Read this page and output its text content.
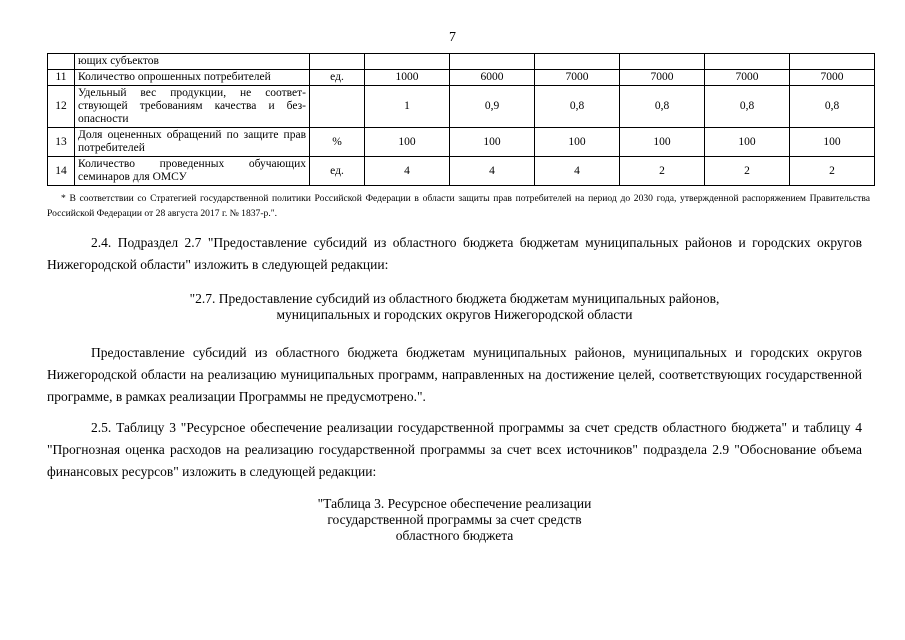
7
	ющих субъектов							
11	Количество опрошенных потребителей	ед.	1000	6000	7000	7000	7000	7000
12	Удельный вес продукции, не соответ-ствующей требованиям качества и без-опасности		1	0,9	0,8	0,8	0,8	0,8
13	Доля оцененных обращений по защите прав потребителей	%	100	100	100	100	100	100
14	Количество проведенных обучающих семинаров для ОМСУ	ед.	4	4	4	2	2	2
* В соответствии со Стратегией государственной политики Российской Федерации в области защиты прав потребителей на период до 2030 года, утвержденной распоряжением Правительства Российской Федерации от 28 августа 2017 г. № 1837-р.".
2.4. Подраздел 2.7 "Предоставление субсидий из областного бюджета бюджетам муниципальных районов и городских округов Нижегородской области" изложить в следующей редакции:
"2.7. Предоставление субсидий из областного бюджета бюджетам муниципальных районов,
муниципальных и городских округов Нижегородской области
Предоставление субсидий из областного бюджета бюджетам муниципальных районов, муниципальных и городских округов Нижегородской области на реализацию муниципальных программ, направленных на достижение целей, соответствующих государственной программе, в рамках реализации Программы не предусмотрено.".
2.5. Таблицу 3 "Ресурсное обеспечение реализации государственной программы за счет средств областного бюджета" и таблицу 4 "Прогнозная оценка расходов на реализацию государственной программы за счет всех источников" подраздела 2.9 "Обоснование объема финансовых ресурсов" изложить в следующей редакции:
"Таблица 3. Ресурсное обеспечение реализации
государственной программы за счет средств
областного бюджета
